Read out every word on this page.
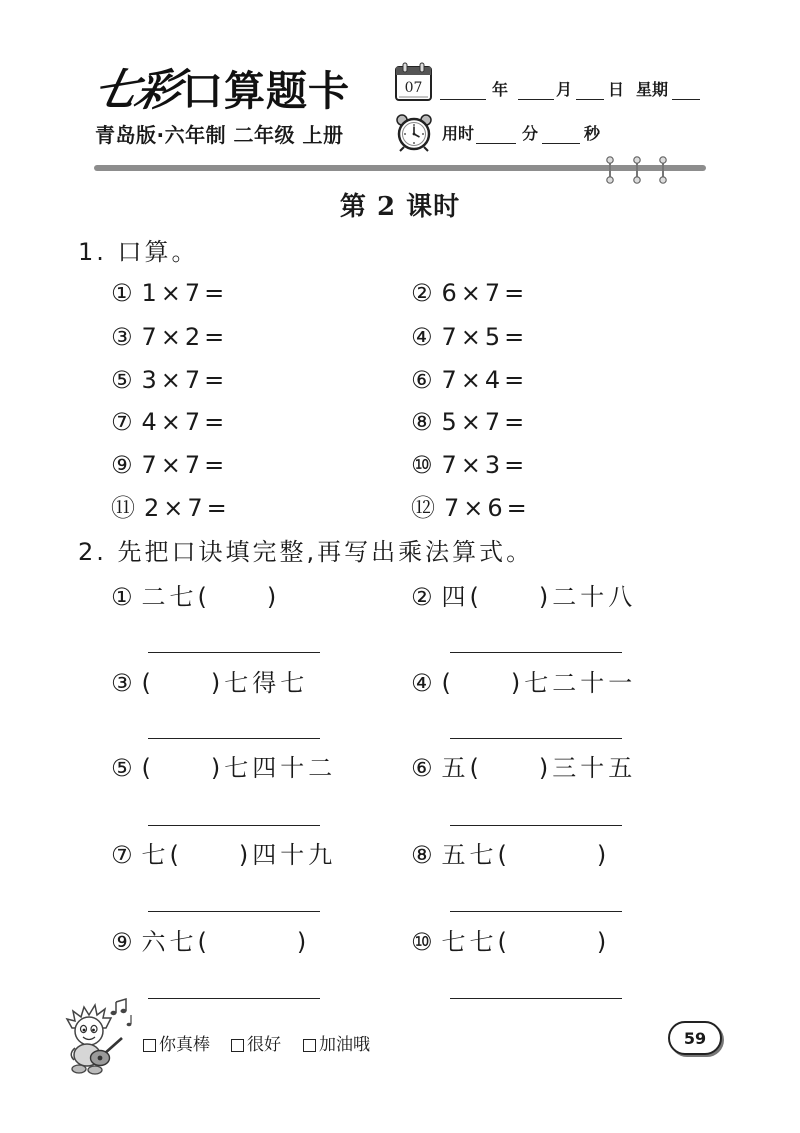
七彩
口算题卡
青岛版·六年制 二年级 上册
07	年	月 日 星期
用时	分	秒
第 2 课时
1. 口算。
① 1×7=	② 6×7=
③ 7×2=	④ 7×5=
⑤ 3×7=	⑥ 7×4=
⑦ 4×7=	⑧ 5×7=
⑨ 7×7=	⑩ 7×3=
⑪ 2×7=	⑫ 7×6=
2. 先把口诀填完整,再写出乘法算式。
① 二七( )	② 四( )二十八
③ ( )七得七	④ ( )七二十一
⑤ ( )七四十二	⑥ 五( )三十五
⑦ 七( )四十九	⑧ 五七(	)
⑨ 六七(	)	⑩ 七七(	)
你真棒 很好 加油哦	59
